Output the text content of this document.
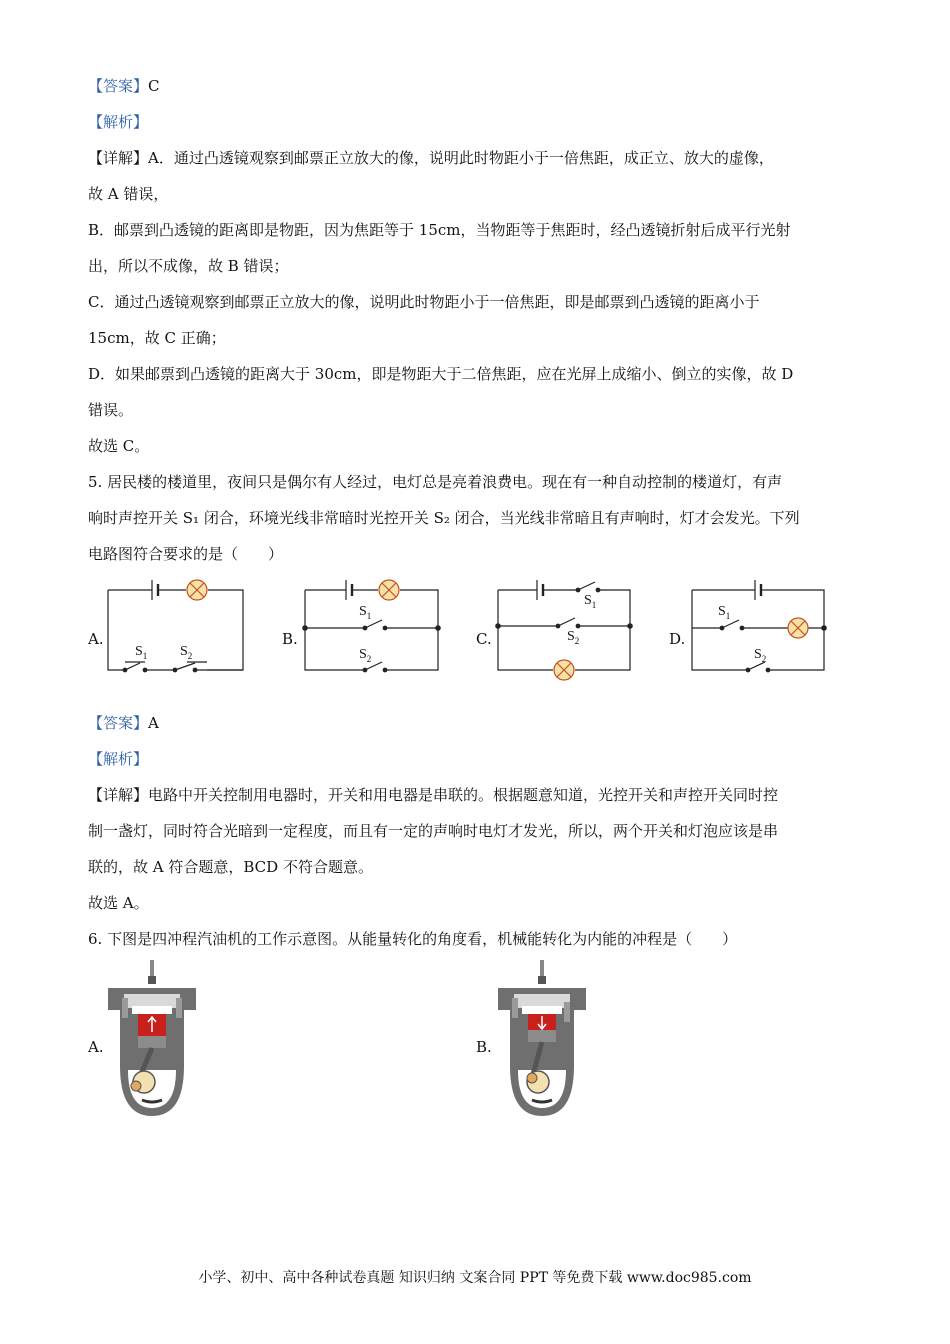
【答案】C
【解析】
【详解】A．通过凸透镜观察到邮票正立放大的像，说明此时物距小于一倍焦距，成正立、放大的虚像，
故 A 错误，
B．邮票到凸透镜的距离即是物距，因为焦距等于 15cm，当物距等于焦距时，经凸透镜折射后成平行光射
出，所以不成像，故 B 错误；
C．通过凸透镜观察到邮票正立放大的像，说明此时物距小于一倍焦距，即是邮票到凸透镜的距离小于
15cm，故 C 正确；
D．如果邮票到凸透镜的距离大于 30cm，即是物距大于二倍焦距，应在光屏上成缩小、倒立的实像，故 D
错误。
故选 C。
5. 居民楼的楼道里，夜间只是偶尔有人经过，电灯总是亮着浪费电。现在有一种自动控制的楼道灯，有声
响时声控开关 S₁ 闭合，环境光线非常暗时光控开关 S₂ 闭合，当光线非常暗且有声响时，灯才会发光。下列
电路图符合要求的是（　　）
A.	B.	C.	D.
$S_1$ $S_2$
$S_1$
$S_2$
$S_1$
$S_2$
$S_1$
$S_2$
【答案】A
【解析】
【详解】电路中开关控制用电器时，开关和用电器是串联的。根据题意知道，光控开关和声控开关同时控
制一盏灯，同时符合光暗到一定程度，而且有一定的声响时电灯才发光，所以，两个开关和灯泡应该是串
联的，故 A 符合题意，BCD 不符合题意。
故选 A。
6. 下图是四冲程汽油机的工作示意图。从能量转化的角度看，机械能转化为内能的冲程是（　　）
A.	B.
小学、初中、高中各种试卷真题 知识归纳 文案合同 PPT 等免费下载 www.doc985.com
